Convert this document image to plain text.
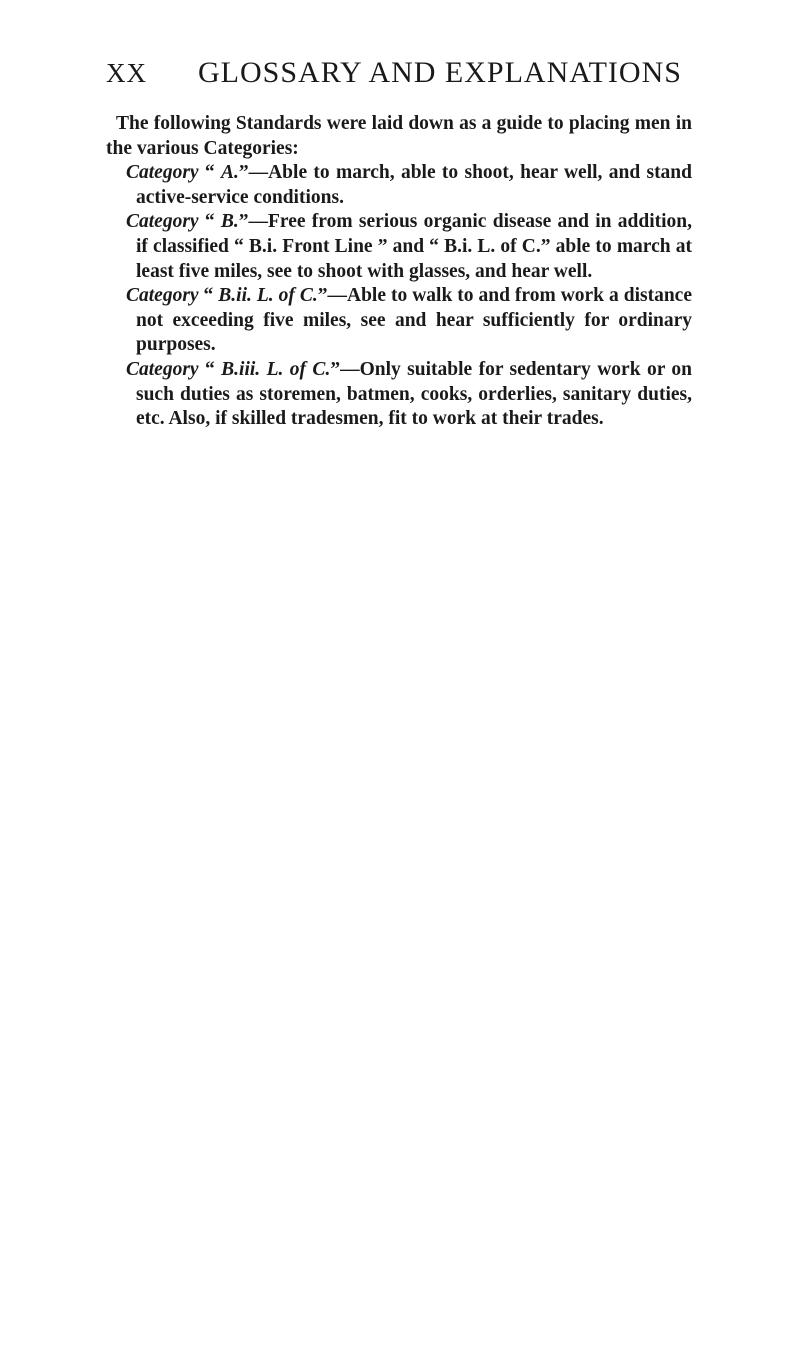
XX	GLOSSARY AND EXPLANATIONS

The following Standards were laid down as a guide to placing men in the various Categories:

Category “ A.”—Able to march, able to shoot, hear well, and stand active-service conditions.

Category “ B.”—Free from serious organic disease and in addition, if classified “ B.i. Front Line ” and “ B.i. L. of C.” able to march at least five miles, see to shoot with glasses, and hear well.

Category “ B.ii. L. of C.”—Able to walk to and from work a distance not exceeding five miles, see and hear sufficiently for ordinary purposes.

Category “ B.iii. L. of C.”—Only suitable for sedentary work or on such duties as storemen, batmen, cooks, orderlies, sanitary duties, etc. Also, if skilled tradesmen, fit to work at their trades.
